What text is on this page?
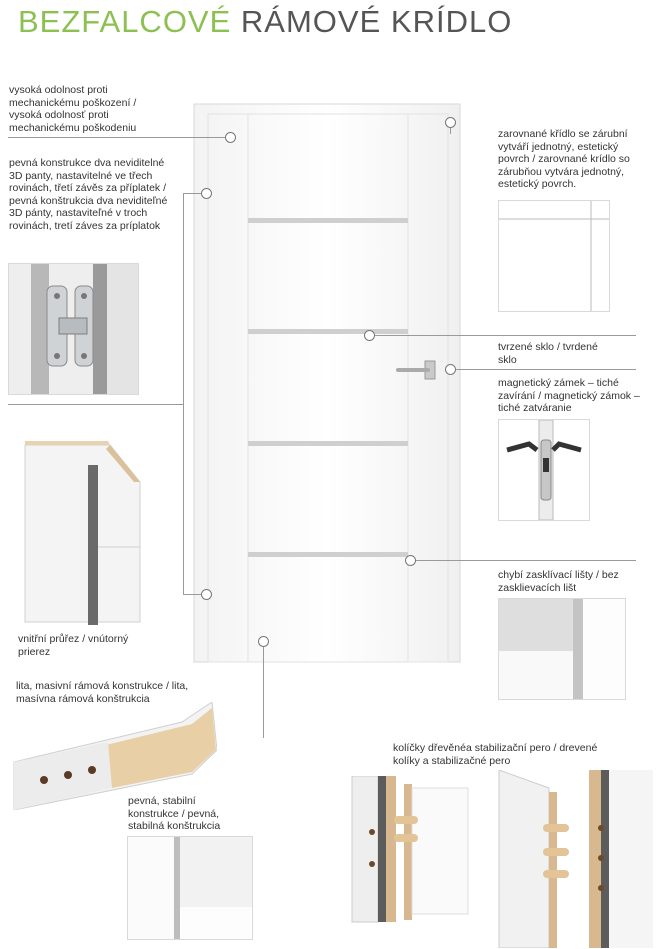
BEZFALCOVÉ RÁMOVÉ KRÍDLO
vysoká odolnost proti mechanickému poškození / vysoká odolnosť proti mechanickému poškodeniu
pevná konstrukce dva neviditelné 3D panty, nastavitelné ve třech rovinách, třetí závěs za příplatek / pevná konštrukcia dva neviditeľné 3D pánty, nastaviteľné v troch rovinách, tretí záves za príplatok
vnitřní průřez / vnútorný prierez
lita, masivní rámová konstrukce / lita, masívna rámová konštrukcia
pevná, stabilní konstrukce / pevná, stabilná konštrukcia
zarovnané křídlo se zárubní vytváří jednotný, estetický povrch / zarovnané krídlo so zárubňou vytvára jednotný, estetický povrch.
tvrzené sklo / tvrdené sklo
magnetický zámek – tiché zavírání / magnetický zámok – tiché zatváranie
chybí zasklívací lišty / bez zasklievacích lišt
kolíčky dřevěnéa stabilizační pero / drevené kolíky a stabilizačné pero
